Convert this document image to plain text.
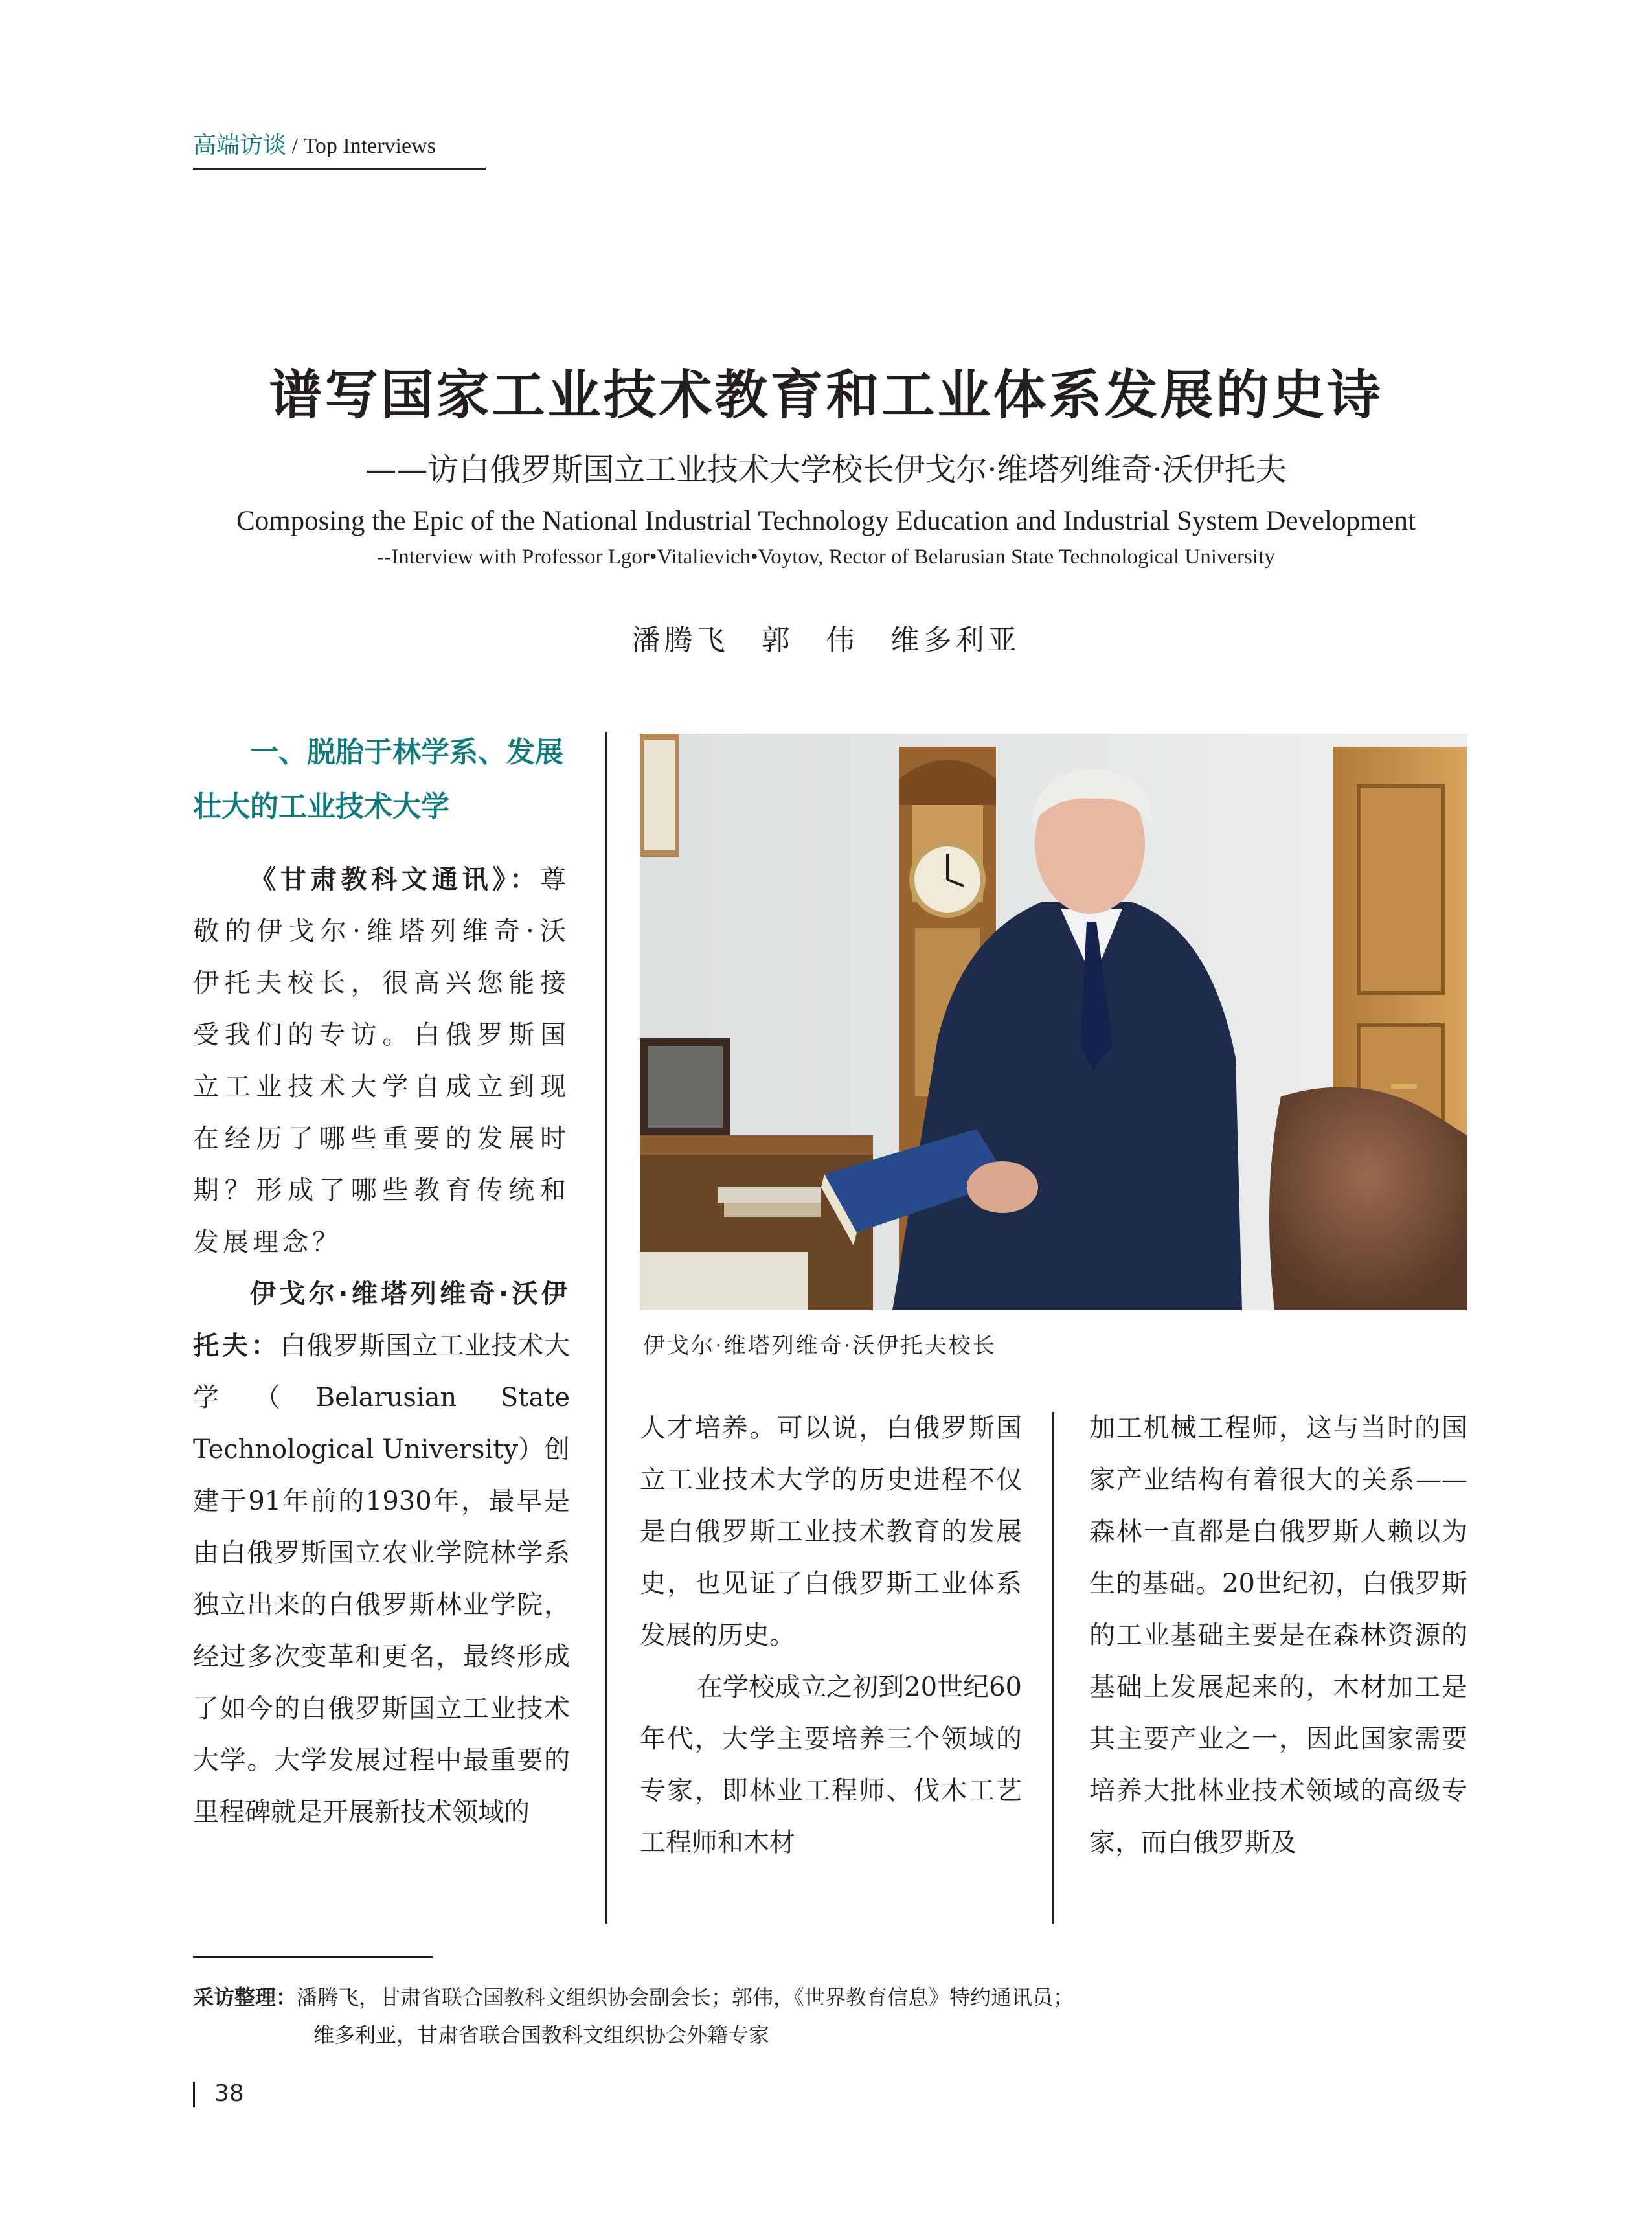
高端访谈 / Top Interviews
谱写国家工业技术教育和工业体系发展的史诗
——访白俄罗斯国立工业技术大学校长伊戈尔·维塔列维奇·沃伊托夫
Composing the Epic of the National Industrial Technology Education and Industrial System Development
--Interview with Professor Lgor•Vitalievich•Voytov, Rector of Belarusian State Technological University
潘腾飞　郭　伟　维多利亚
一、脱胎于林学系、发展壮大的工业技术大学
《甘肃教科文通讯》：尊敬的伊戈尔·维塔列维奇·沃伊托夫校长，很高兴您能接受我们的专访。白俄罗斯国立工业技术大学自成立到现在经历了哪些重要的发展时期？形成了哪些教育传统和发展理念？
伊戈尔·维塔列维奇·沃伊托夫：白俄罗斯国立工业技术大学（Belarusian State Technological University）创建于91年前的1930年，最早是由白俄罗斯国立农业学院林学系独立出来的白俄罗斯林业学院，经过多次变革和更名，最终形成了如今的白俄罗斯国立工业技术大学。大学发展过程中最重要的里程碑就是开展新技术领域的
伊戈尔·维塔列维奇·沃伊托夫校长
人才培养。可以说，白俄罗斯国立工业技术大学的历史进程不仅是白俄罗斯工业技术教育的发展史，也见证了白俄罗斯工业体系发展的历史。
在学校成立之初到20世纪60年代，大学主要培养三个领域的专家，即林业工程师、伐木工艺工程师和木材
加工机械工程师，这与当时的国家产业结构有着很大的关系——森林一直都是白俄罗斯人赖以为生的基础。20世纪初，白俄罗斯的工业基础主要是在森林资源的基础上发展起来的，木材加工是其主要产业之一，因此国家需要培养大批林业技术领域的高级专家，而白俄罗斯及
采访整理：潘腾飞，甘肃省联合国教科文组织协会副会长；郭伟，《世界教育信息》特约通讯员；
维多利亚，甘肃省联合国教科文组织协会外籍专家
38
